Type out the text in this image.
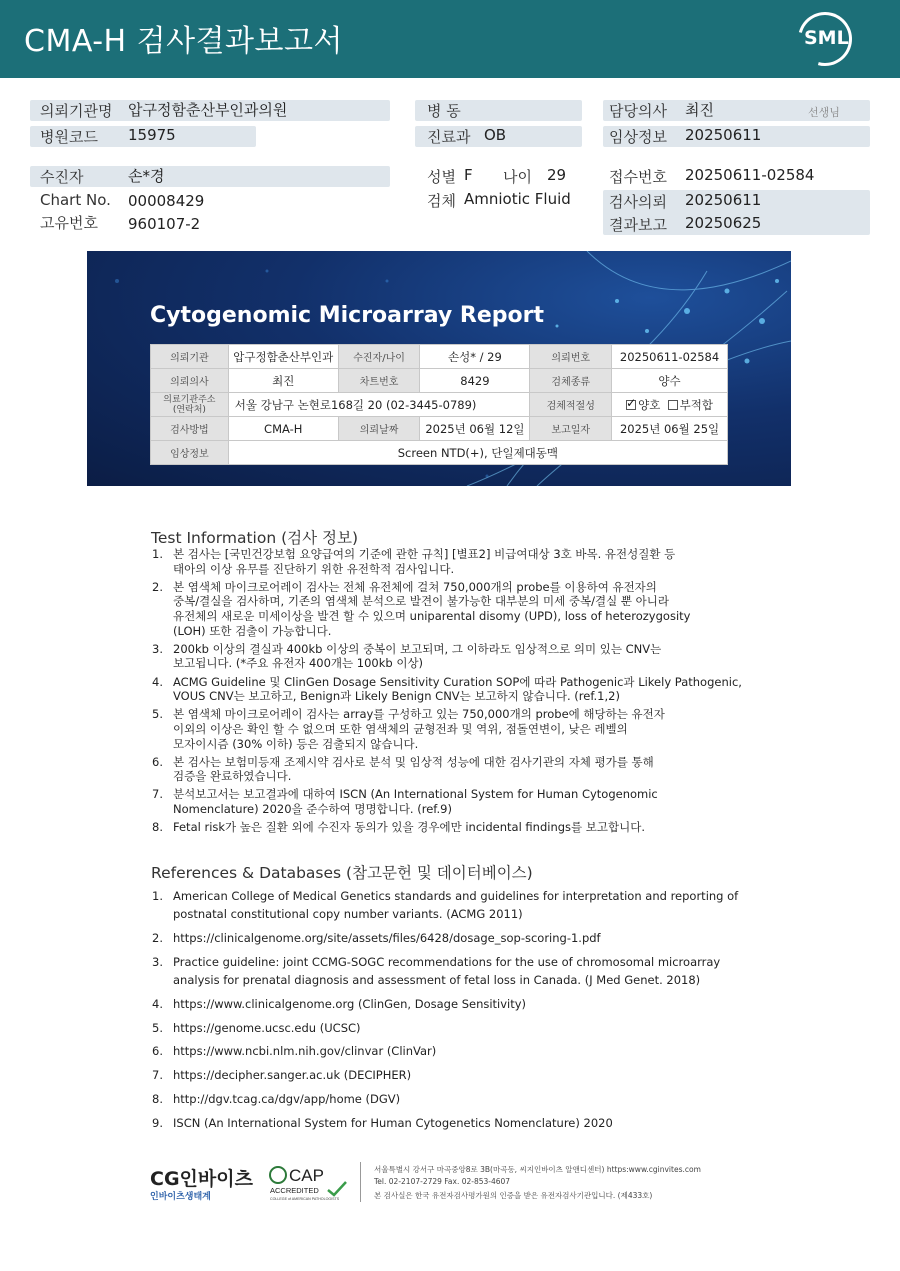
CMA-H 검사결과보고서	SML
의뢰기관명 압구정함춘산부인과의원	병 동	담당의사 최진	선생님
병원코드 15975	진료과 OB	임상정보 20250611
수진자	손*경
Chart No. 00008429
고유번호 960107-2
성별 F 나이 29
검체 Amniotic Fluid
접수번호 20250611-02584
검사의뢰 20250611
결과보고 20250625
Cytogenomic Microarray Report
의뢰기관	압구정함춘산부인과	수진자/나이	손성* / 29	의뢰번호	20250611-02584
의뢰의사	최진	차트번호	8429	검체종류	양수
의료기관주소
(연락처)	서울 강남구 논현로168길 20 (02-3445-0789)			검체적절성	✓양호 부적합
검사방법	CMA-H	의뢰날짜	2025년 06월 12일	보고일자	2025년 06월 25일
임상정보	Screen NTD(+), 단일제대동맥				
Test Information (검사 정보)
1. 본 검사는 [국민건강보험 요양급여의 기준에 관한 규칙] [별표2] 비급여대상 3호 바목. 유전성질환 등
태아의 이상 유무를 진단하기 위한 유전학적 검사입니다.
2. 본 염색체 마이크로어레이 검사는 전체 유전체에 걸쳐 750,000개의 probe를 이용하여 유전자의
중복/결실을 검사하며, 기존의 염색체 분석으로 발견이 불가능한 대부분의 미세 중복/결실 뿐 아니라
유전체의 새로운 미세이상을 발견 할 수 있으며 uniparental disomy (UPD), loss of heterozygosity
(LOH) 또한 검출이 가능합니다.
3. 200kb 이상의 결실과 400kb 이상의 중복이 보고되며, 그 이하라도 임상적으로 의미 있는 CNV는
보고됩니다. (*주요 유전자 400개는 100kb 이상)
4. ACMG Guideline 및 ClinGen Dosage Sensitivity Curation SOP에 따라 Pathogenic과 Likely Pathogenic,
VOUS CNV는 보고하고, Benign과 Likely Benign CNV는 보고하지 않습니다. (ref.1,2)
5. 본 염색체 마이크로어레이 검사는 array를 구성하고 있는 750,000개의 probe에 해당하는 유전자
이외의 이상은 확인 할 수 없으며 또한 염색체의 균형전좌 및 역위, 점돌연변이, 낮은 레벨의
모자이시즘 (30% 이하) 등은 검출되지 않습니다.
6. 본 검사는 보험미등재 조제시약 검사로 분석 및 임상적 성능에 대한 검사기관의 자체 평가를 통해
검증을 완료하였습니다.
7. 분석보고서는 보고결과에 대하여 ISCN (An International System for Human Cytogenomic
Nomenclature) 2020을 준수하여 명명합니다. (ref.9)
8. Fetal risk가 높은 질환 외에 수진자 동의가 있을 경우에만 incidental findings를 보고합니다.
References & Databases (참고문헌 및 데이터베이스)
1. American College of Medical Genetics standards and guidelines for interpretation and reporting of
postnatal constitutional copy number variants. (ACMG 2011)
2. https://clinicalgenome.org/site/assets/files/6428/dosage_sop-scoring-1.pdf
3. Practice guideline: joint CCMG-SOGC recommendations for the use of chromosomal microarray
analysis for prenatal diagnosis and assessment of fetal loss in Canada. (J Med Genet. 2018)
4. https://www.clinicalgenome.org (ClinGen, Dosage Sensitivity)
5. https://genome.ucsc.edu (UCSC)
6. https://www.ncbi.nlm.nih.gov/clinvar (ClinVar)
7. https://decipher.sanger.ac.uk (DECIPHER)
8. http://dgv.tcag.ca/dgv/app/home (DGV)
9. ISCN (An International System for Human Cytogenetics Nomenclature) 2020
CG인바이츠
인바이츠생태계
CAP
ACCREDITED
COLLEGE of AMERICAN PATHOLOGISTS
서울특별시 강서구 마곡중앙8로 3B(마곡동, 씨지인바이츠 알앤디센터) https:www.cginvites.com
Tel. 02-2107-2729 Fax. 02-853-4607
본 검사실은 한국 유전자검사평가원의 인증을 받은 유전자검사기관입니다. (제433호)
